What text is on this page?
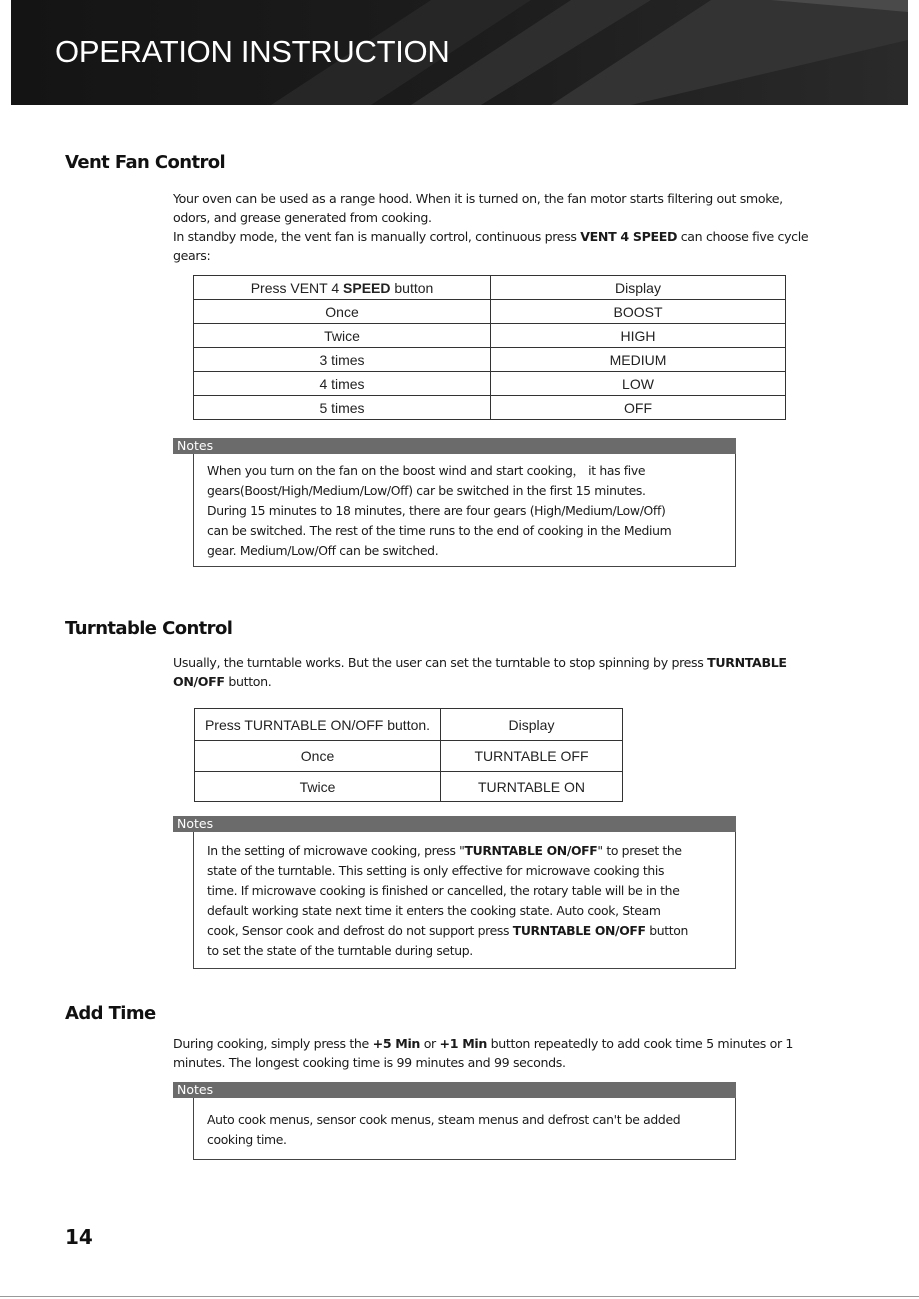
OPERATION INSTRUCTION
Vent Fan Control
Your oven can be used as a range hood. When it is turned on, the fan motor starts filtering out smoke,
odors, and grease generated from cooking.
In standby mode, the vent fan is manually cortrol, continuous press VENT 4 SPEED can choose five cycle
gears:
Press VENT 4 SPEED button	Display
Once	BOOST
Twice	HIGH
3 times	MEDIUM
4 times	LOW
5 times	OFF
Notes
When you turn on the fan on the boost wind and start cooking， it has five
gears(Boost/High/Medium/Low/Off) car be switched in the first 15 minutes.
During 15 minutes to 18 minutes, there are four gears (High/Medium/Low/Off)
can be switched. The rest of the time runs to the end of cooking in the Medium
gear. Medium/Low/Off can be switched.
Turntable Control
Usually, the turntable works. But the user can set the turntable to stop spinning by press TURNTABLE
ON/OFF button.
Press TURNTABLE ON/OFF button.	Display
Once	TURNTABLE OFF
Twice	TURNTABLE ON
Notes
In the setting of microwave cooking, press "TURNTABLE ON/OFF" to preset the
state of the turntable. This setting is only effective for microwave cooking this
time. If microwave cooking is finished or cancelled, the rotary table will be in the
default working state next time it enters the cooking state. Auto cook, Steam
cook, Sensor cook and defrost do not support press TURNTABLE ON/OFF button
to set the state of the turntable during setup.
Add Time
During cooking, simply press the +5 Min or +1 Min button repeatedly to add cook time 5 minutes or 1
minutes. The longest cooking time is 99 minutes and 99 seconds.
Notes
Auto cook menus, sensor cook menus, steam menus and defrost can't be added
cooking time.
14
